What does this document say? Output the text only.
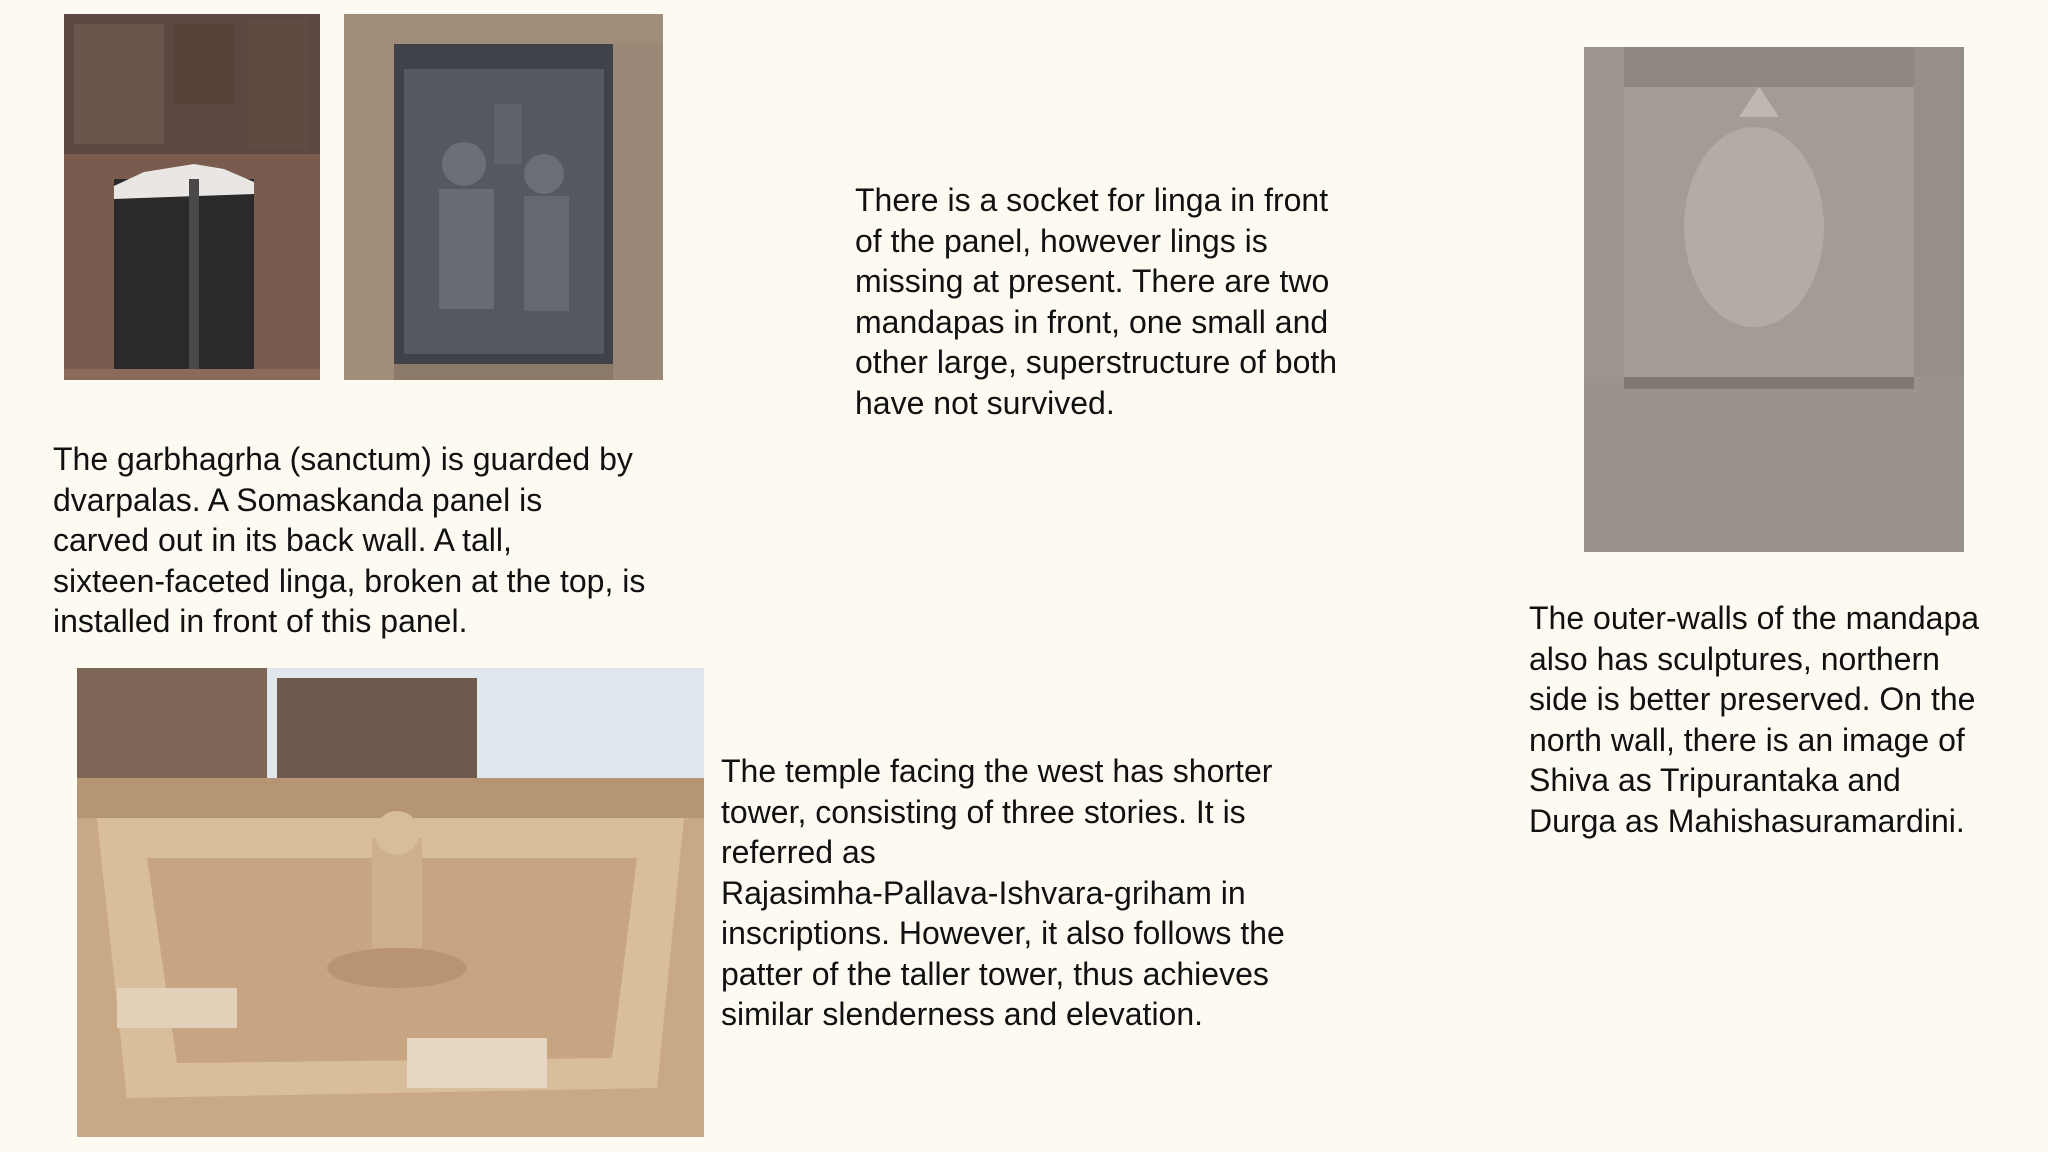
There is a socket for linga in front
of the panel, however lings is
missing at present. There are two
mandapas in front, one small and
other large, superstructure of both
have not survived.

The garbhagrha (sanctum) is guarded by
dvarpalas. A Somaskanda panel is
carved out in its back wall. A tall,
sixteen-faceted linga, broken at the top, is
installed in front of this panel.	The outer-walls of the mandapa
also has sculptures, northern
side is better preserved. On the
north wall, there is an image of
Shiva as Tripurantaka and
Durga as Mahishasuramardini.

The temple facing the west has shorter
tower, consisting of three stories. It is
referred as
Rajasimha-Pallava-Ishvara-griham in
inscriptions. However, it also follows the
patter of the taller tower, thus achieves
similar slenderness and elevation.
